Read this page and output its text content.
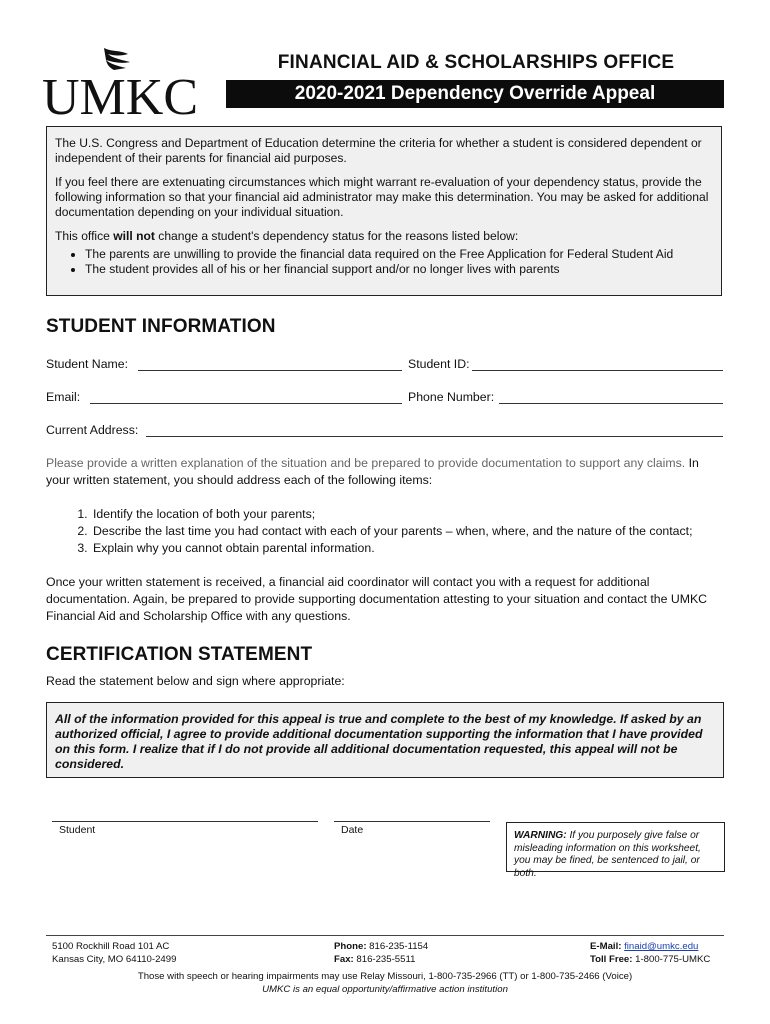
UMKC
FINANCIAL AID & SCHOLARSHIPS OFFICE
2020-2021 Dependency Override Appeal

The U.S. Congress and Department of Education determine the criteria for whether a student is considered dependent or independent of their parents for financial aid purposes.

If you feel there are extenuating circumstances which might warrant re-evaluation of your dependency status, provide the following information so that your financial aid administrator may make this determination. You may be asked for additional documentation depending on your individual situation.

This office will not change a student's dependency status for the reasons listed below:

• The parents are unwilling to provide the financial data required on the Free Application for Federal Student Aid
• The student provides all of his or her financial support and/or no longer lives with parents
STUDENT INFORMATION
Student Name:	Student ID:
Email:	Phone Number:
Current Address:

Please provide a written explanation of the situation and be prepared to provide documentation to support any claims. In your written statement, you should address each of the following items:

1. Identify the location of both your parents;
2. Describe the last time you had contact with each of your parents – when, where, and the nature of the contact;
3. Explain why you cannot obtain parental information.

Once your written statement is received, a financial aid coordinator will contact you with a request for additional documentation. Again, be prepared to provide supporting documentation attesting to your situation and contact the UMKC Financial Aid and Scholarship Office with any questions.

CERTIFICATION STATEMENT
Read the statement below and sign where appropriate:
All of the information provided for this appeal is true and complete to the best of my knowledge. If asked by an authorized official, I agree to provide additional documentation supporting the information that I have provided on this form. I realize that if I do not provide all additional documentation requested, this appeal will not be considered.
Student	Date	WARNING: If you purposely give false or misleading information on this worksheet, you may be fined, be sentenced to jail, or both.
5100 Rockhill Road 101 AC
Kansas City, MO 64110-2499
Phone: 816-235-1154
Fax: 816-235-5511
E-Mail: finaid@umkc.edu
Toll Free: 1-800-775-UMKC
Those with speech or hearing impairments may use Relay Missouri, 1-800-735-2966 (TT) or 1-800-735-2466 (Voice)
UMKC is an equal opportunity/affirmative action institution
